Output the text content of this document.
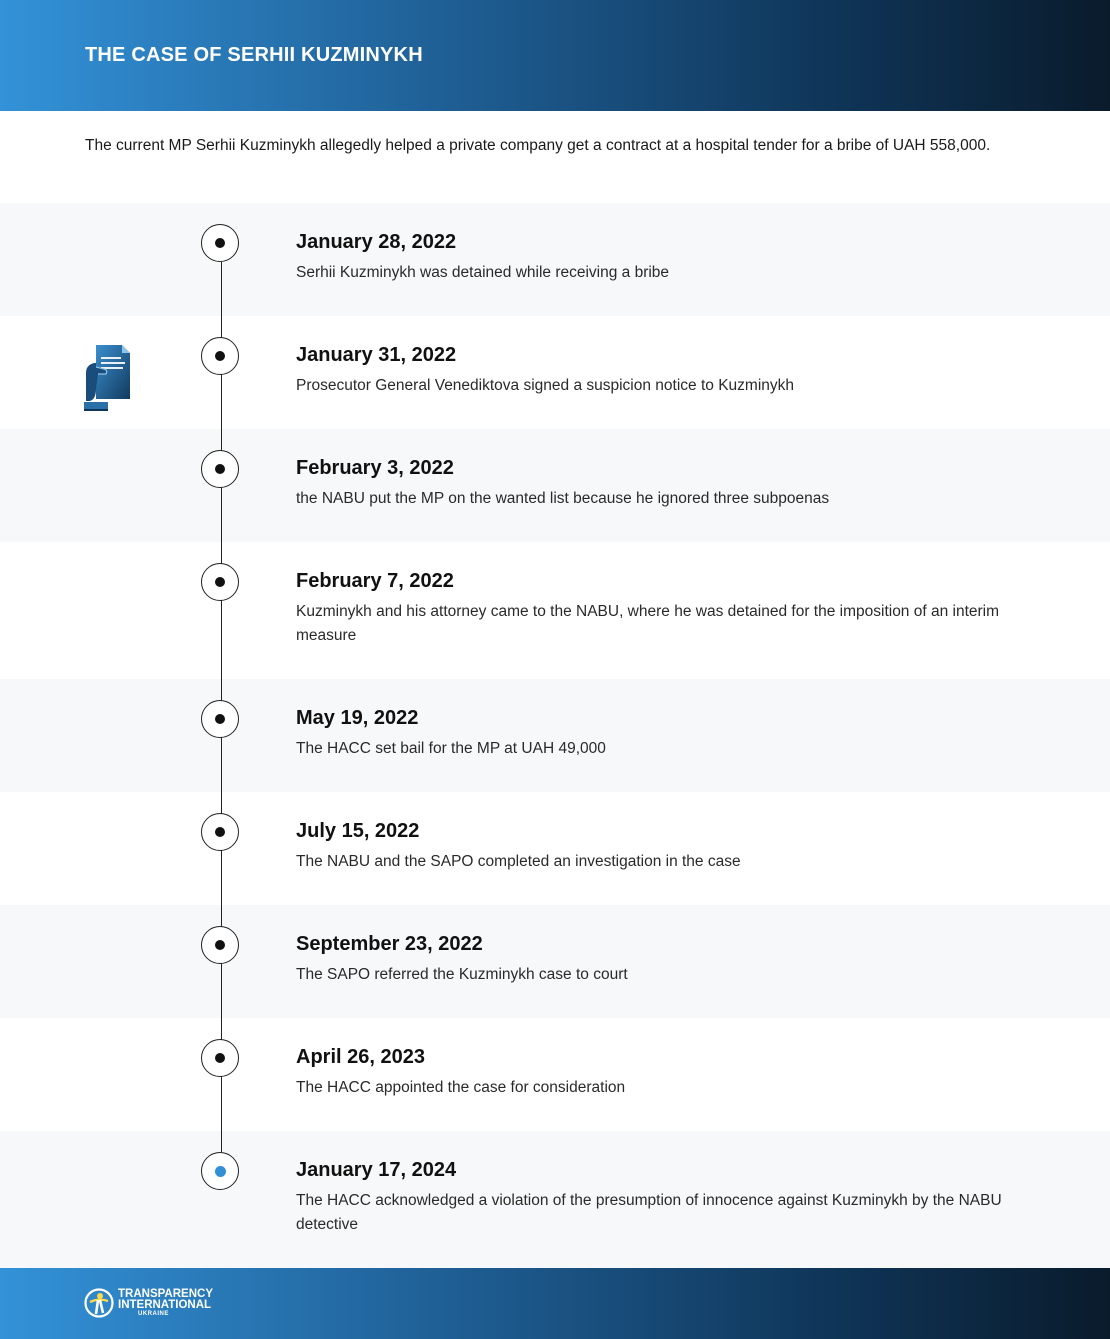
THE CASE OF SERHII KUZMINYKH
The current MP Serhii Kuzminykh allegedly helped a private company get a contract at a hospital tender for a bribe of UAH 558,000.
January 28, 2022
Serhii Kuzminykh was detained while receiving a bribe
January 31, 2022
Prosecutor General Venediktova signed a suspicion notice to Kuzminykh
February 3, 2022
the NABU put the MP on the wanted list because he ignored three subpoenas
February 7, 2022
Kuzminykh and his attorney came to the NABU, where he was detained for the imposition of an interim measure
May 19, 2022
The HACC set bail for the MP at UAH 49,000
July 15, 2022
The NABU and the SAPO completed an investigation in the case
September 23, 2022
The SAPO referred the Kuzminykh case to court
April 26, 2023
The HACC appointed the case for consideration
January 17, 2024
The HACC acknowledged a violation of the presumption of innocence against Kuzminykh by the NABU detective
TRANSPARENCY
INTERNATIONAL
UKRAINE
